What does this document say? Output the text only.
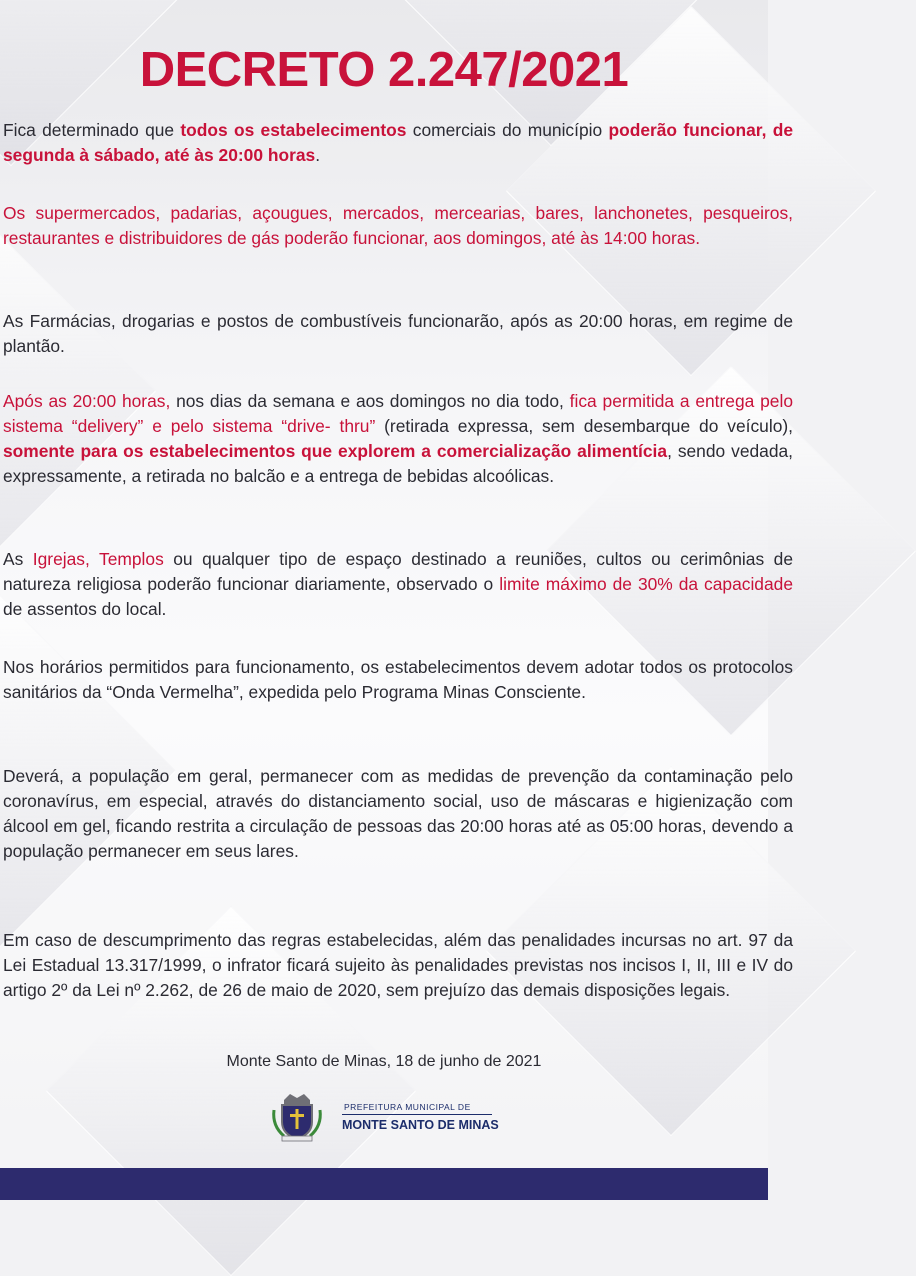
DECRETO 2.247/2021

Fica determinado que todos os estabelecimentos comerciais do município poderão funcionar, de segunda à sábado, até às 20:00 horas.

Os supermercados, padarias, açougues, mercados, mercearias, bares, lanchonetes, pesqueiros, restaurantes e distribuidores de gás poderão funcionar, aos domingos, até às 14:00 horas.

As Farmácias, drogarias e postos de combustíveis funcionarão, após as 20:00 horas, em regime de plantão.

Após as 20:00 horas, nos dias da semana e aos domingos no dia todo, fica permitida a entrega pelo sistema “delivery” e pelo sistema “drive- thru” (retirada expressa, sem desembarque do veículo), somente para os estabelecimentos que explorem a comercialização alimentícia, sendo vedada, expressamente, a retirada no balcão e a entrega de bebidas alcoólicas.

As Igrejas, Templos ou qualquer tipo de espaço destinado a reuniões, cultos ou cerimônias de natureza religiosa poderão funcionar diariamente, observado o limite máximo de 30% da capacidade de assentos do local.

Nos horários permitidos para funcionamento, os estabelecimentos devem adotar todos os protocolos sanitários da “Onda Vermelha”, expedida pelo Programa Minas Consciente.

Deverá, a população em geral, permanecer com as medidas de prevenção da contaminação pelo coronavírus, em especial, através do distanciamento social, uso de máscaras e higienização com álcool em gel, ficando restrita a circulação de pessoas das 20:00 horas até as 05:00 horas, devendo a população permanecer em seus lares.

Em caso de descumprimento das regras estabelecidas, além das penalidades incursas no art. 97 da Lei Estadual 13.317/1999, o infrator ficará sujeito às penalidades previstas nos incisos I, II, III e IV do artigo 2º da Lei nº 2.262, de 26 de maio de 2020, sem prejuízo das demais disposições legais.

Monte Santo de Minas, 18 de junho de 2021
PREFEITURA MUNICIPAL DE
MONTE SANTO DE MINAS
